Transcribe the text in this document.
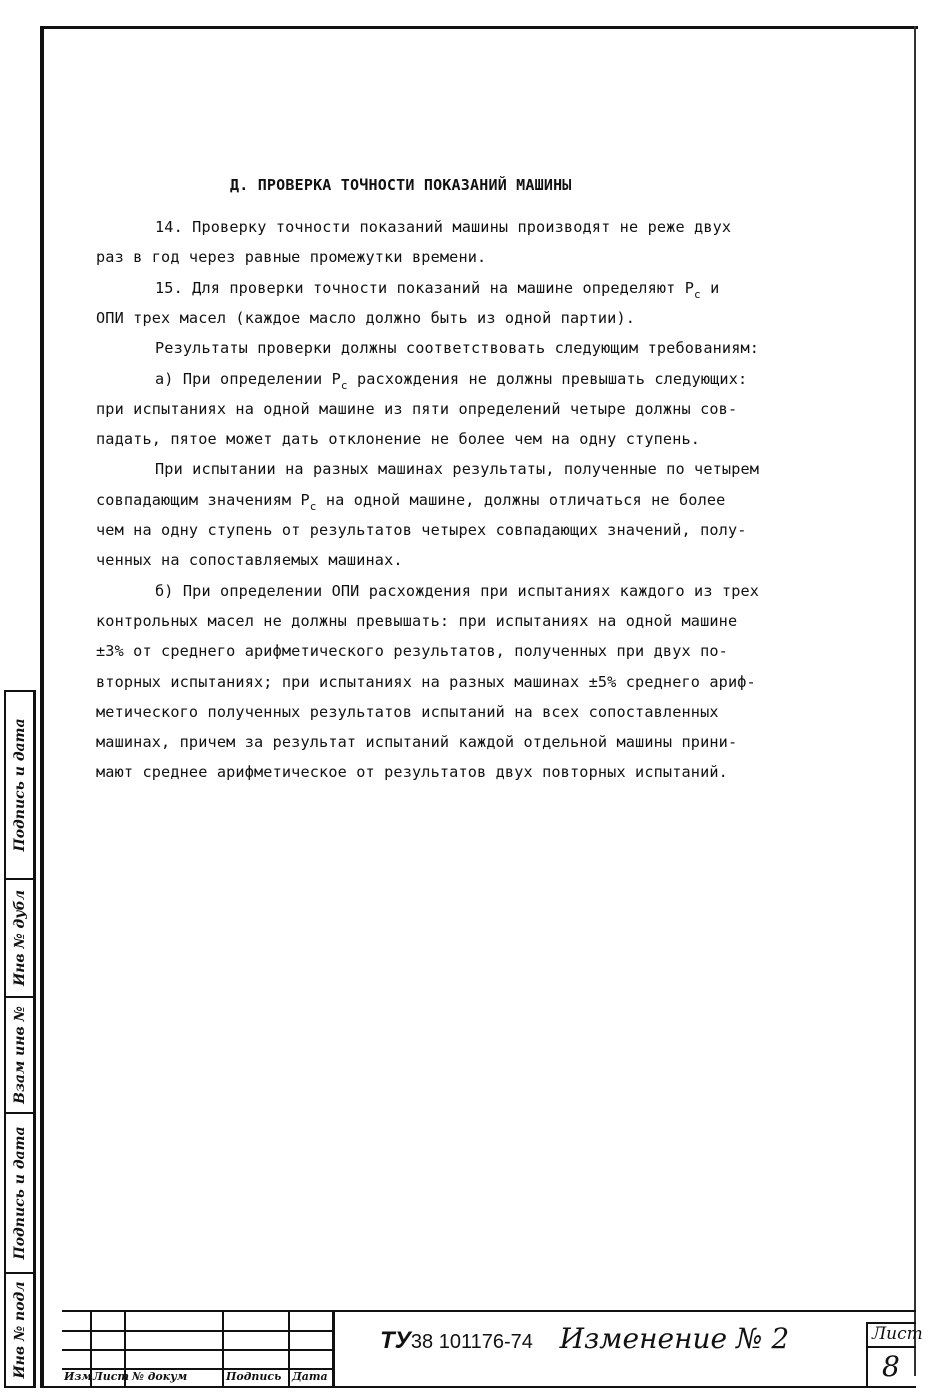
Подпись и дата
Инв № дубл
Взам инв №
Подпись и дата
Инв № подл
Д. ПРОВЕРКА ТОЧНОСТИ ПОКАЗАНИЙ МАШИНЫ
14. Проверку точности показаний машины производят не реже двух
раз в год через равные промежутки времени.
15. Для проверки точности показаний на машине определяют $P_с$ и
ОПИ трех масел (каждое масло должно быть из одной партии).
Результаты проверки должны соответствовать следующим требованиям:
а) При определении $P_с$ расхождения не должны превышать следующих:
при испытаниях на одной машине из пяти определений четыре должны сов-
падать, пятое может дать отклонение не более чем на одну ступень.
При испытании на разных машинах результаты, полученные по четырем
совпадающим значениям $P_с$ на одной машине, должны отличаться не более
чем на одну ступень от результатов четырех совпадающих значений, полу-
ченных на сопоставляемых машинах.
б) При определении ОПИ расхождения при испытаниях каждого из трех
контрольных масел не должны превышать: при испытаниях на одной машине
±3% от среднего арифметического результатов, полученных при двух по-
вторных испытаниях; при испытаниях на разных машинах ±5% среднего ариф-
метического полученных результатов испытаний на всех сопоставленных
машинах, причем за результат испытаний каждой отдельной машины прини-
мают среднее арифметическое от результатов двух повторных испытаний.
Изм Лист № докум	Подпись Дата
ТУ38 101176-74 Изменение № 2	Лист
8
